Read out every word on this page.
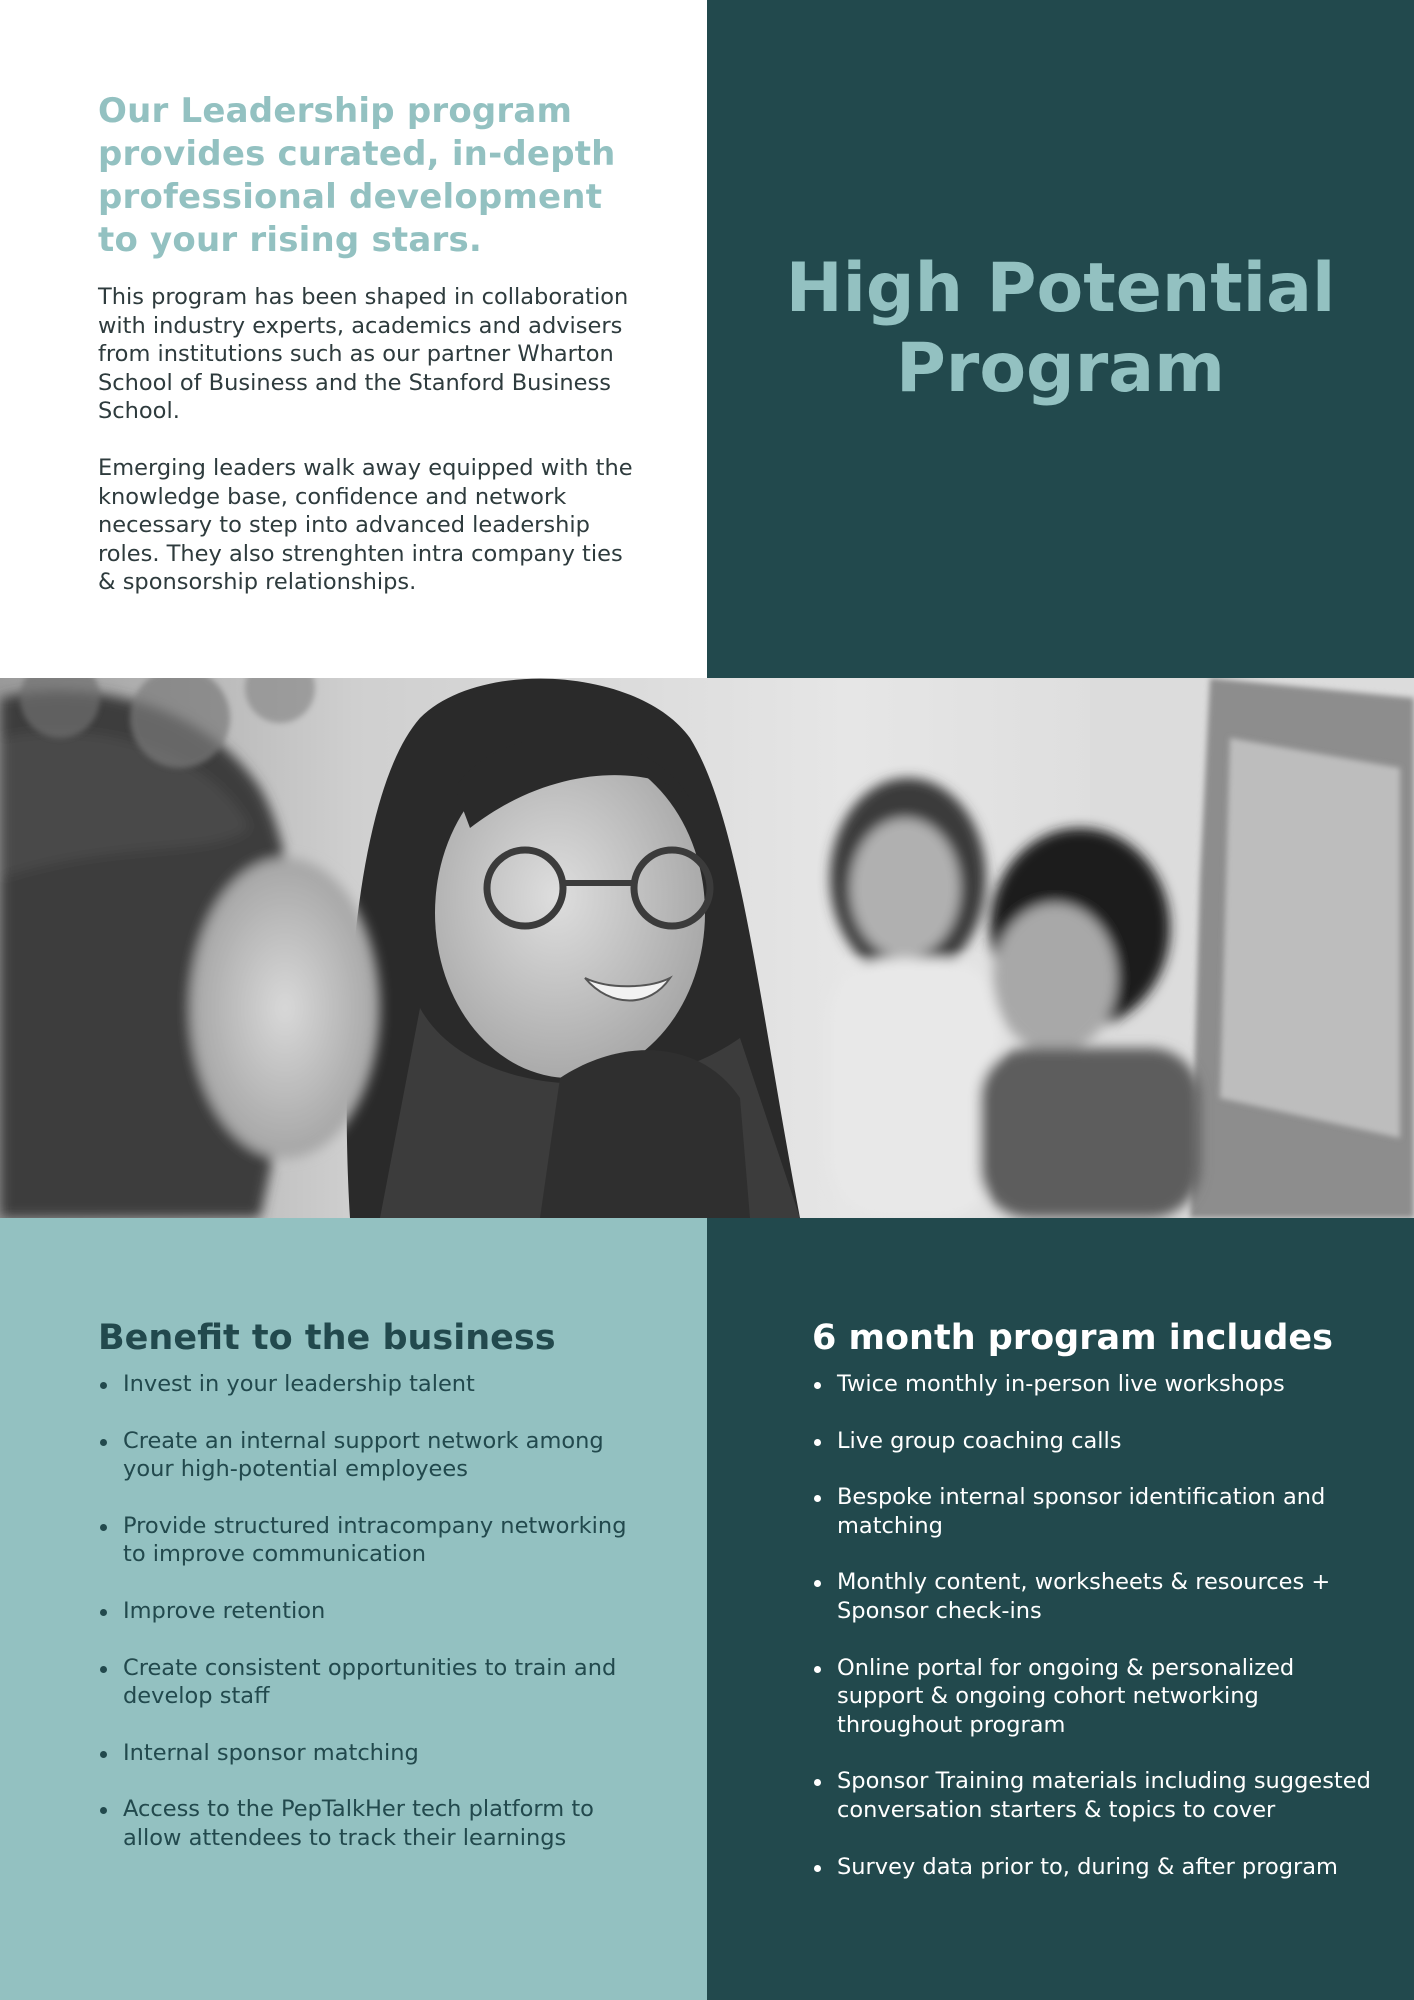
Our Leadership program provides curated, in-depth professional development to your rising stars.

This program has been shaped in collaboration with industry experts, academics and advisers from institutions such as our partner Wharton School of Business and the Stanford Business School.

Emerging leaders walk away equipped with the knowledge base, confidence and network necessary to step into advanced leadership roles. They also strenghten intra company ties & sponsorship relationships.

High Potential Program
Benefit to the business
Invest in your leadership talent
Create an internal support network among your high-potential employees
Provide structured intracompany networking to improve communication
Improve retention
Create consistent opportunities to train and develop staff
Internal sponsor matching
Access to the PepTalkHer tech platform to allow attendees to track their learnings
6 month program includes
Twice monthly in-person live workshops
Live group coaching calls
Bespoke internal sponsor identification and matching
Monthly content, worksheets & resources + Sponsor check-ins
Online portal for ongoing & personalized support & ongoing cohort networking throughout program
Sponsor Training materials including suggested conversation starters & topics to cover
Survey data prior to, during & after program
